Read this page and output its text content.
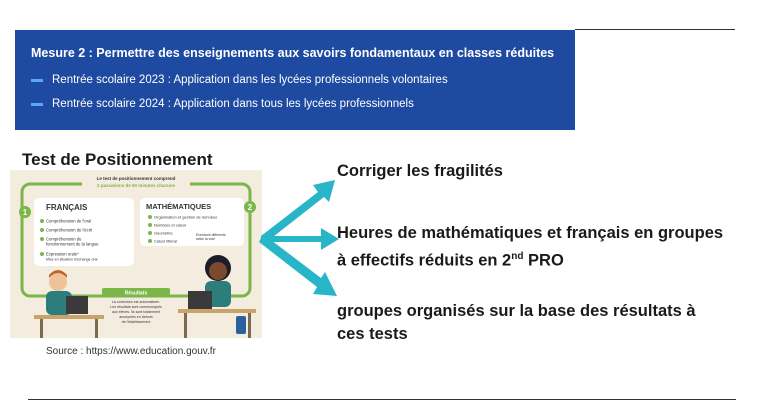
Mesure 2 : Permettre des enseignements aux savoirs fondamentaux en classes réduites
Rentrée scolaire 2023 : Application dans les lycées professionnels volontaires
Rentrée scolaire 2024 : Application dans tous les lycées professionnels
Test de Positionnement
Le test de positionnement comprend
2 passations de 50 minutes chacune
1
FRANÇAIS
Compréhension de l'oral
Compréhension de l'écrit
Compréhension du
fonctionnement de la langue
Expression orale*
Mise en situation d'échange oral
2
MATHÉMATIQUES
Organisation et gestion de données
Nombres et calcul
Géométrie
Calcul littéral
Exercices différents
selon la voie
Résultats
La correction est automatisée.
Les résultats sont communiqués
aux élèves. Ils sont totalement
anonymes en dehors
de l'établissement
Source : https://www.education.gouv.fr
Corriger les fragilités
Heures de mathématiques et français en groupes
à effectifs réduits en 2nd PRO
groupes organisés sur la base des résultats à
ces tests
